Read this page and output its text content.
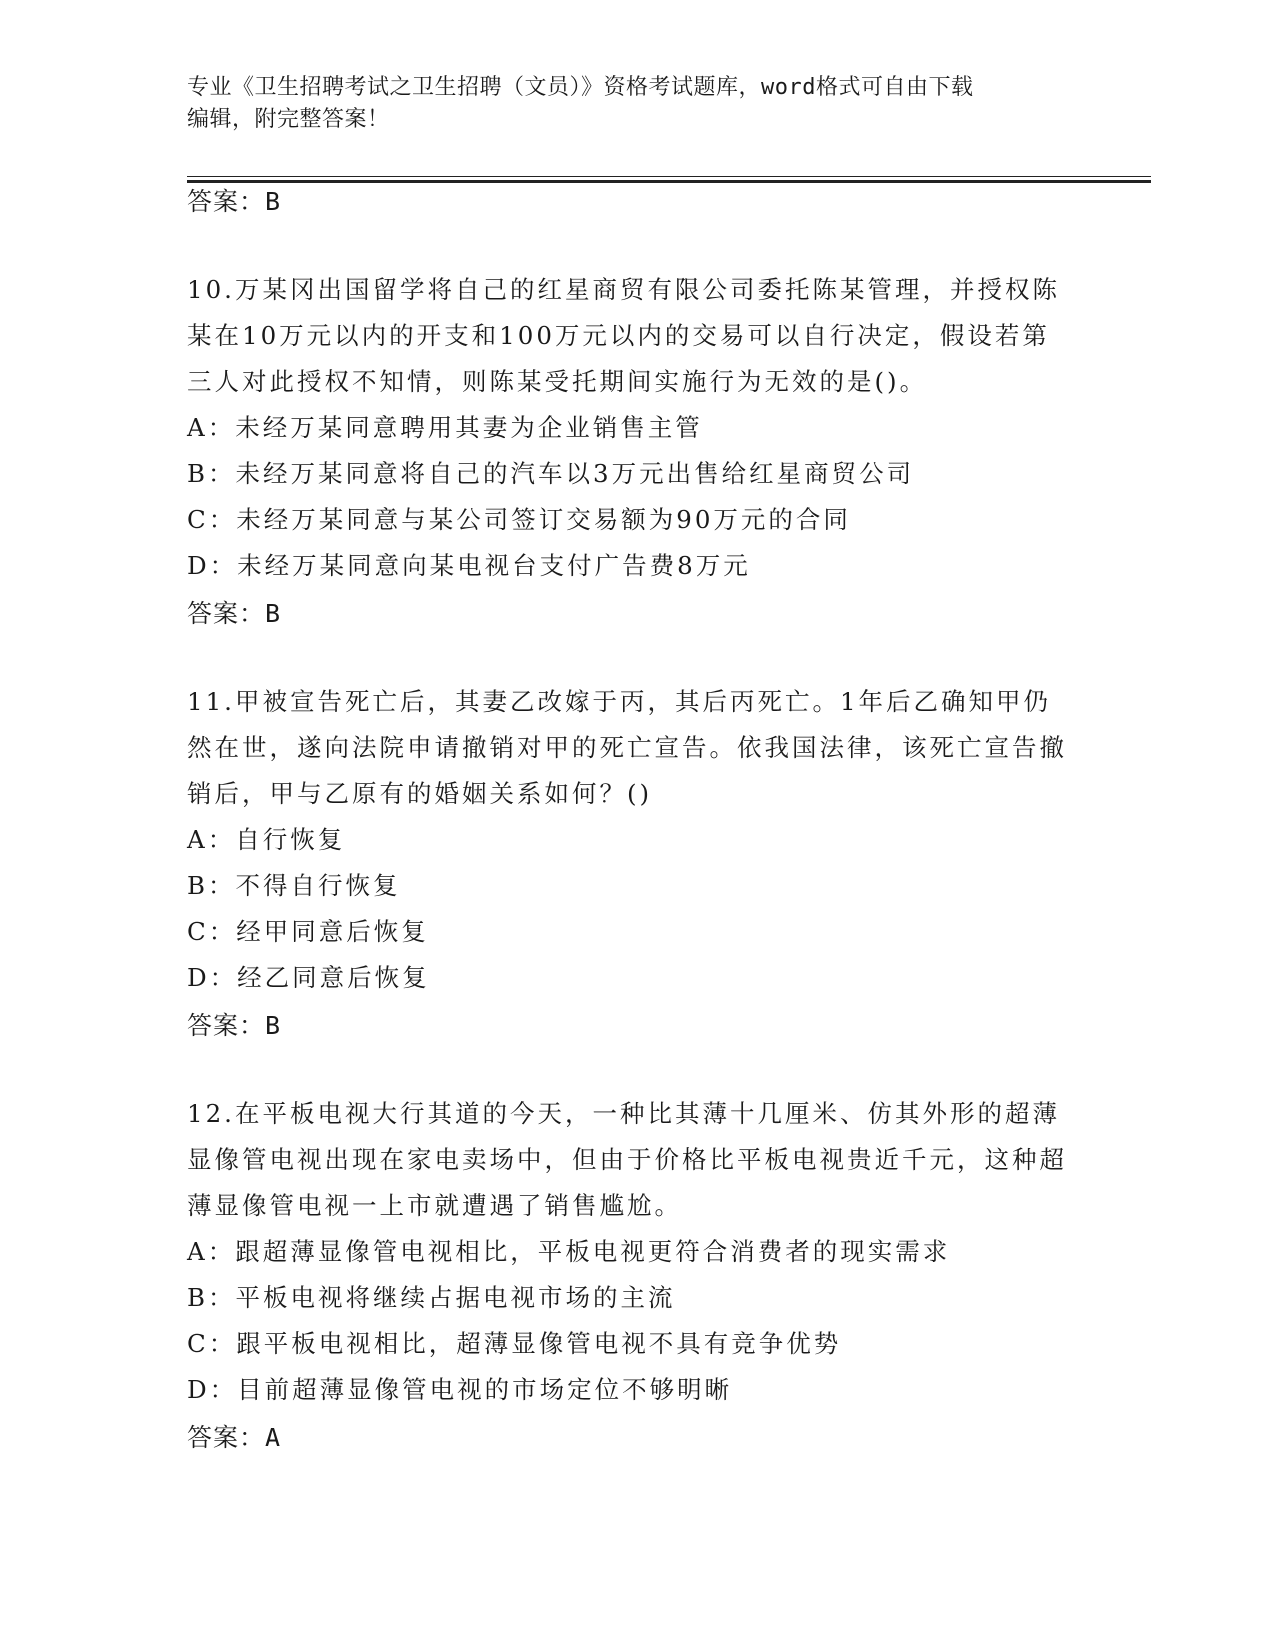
专业《卫生招聘考试之卫生招聘（文员）》资格考试题库，word格式可自由下载
编辑，附完整答案！
答案：B

10.万某冈出国留学将自己的红星商贸有限公司委托陈某管理，并授权陈某在10万元以内的开支和100万元以内的交易可以自行决定，假设若第三人对此授权不知情，则陈某受托期间实施行为无效的是()。

A：未经万某同意聘用其妻为企业销售主管

B：未经万某同意将自己的汽车以3万元出售给红星商贸公司

C：未经万某同意与某公司签订交易额为90万元的合同

D：未经万某同意向某电视台支付广告费8万元

答案：B

11.甲被宣告死亡后，其妻乙改嫁于丙，其后丙死亡。1年后乙确知甲仍然在世，遂向法院申请撤销对甲的死亡宣告。依我国法律，该死亡宣告撤销后，甲与乙原有的婚姻关系如何？()

A：自行恢复

B：不得自行恢复

C：经甲同意后恢复

D：经乙同意后恢复

答案：B

12.在平板电视大行其道的今天，一种比其薄十几厘米、仿其外形的超薄显像管电视出现在家电卖场中，但由于价格比平板电视贵近千元，这种超薄显像管电视一上市就遭遇了销售尴尬。

A：跟超薄显像管电视相比，平板电视更符合消费者的现实需求

B：平板电视将继续占据电视市场的主流

C：跟平板电视相比，超薄显像管电视不具有竞争优势

D：目前超薄显像管电视的市场定位不够明晰

答案：A
